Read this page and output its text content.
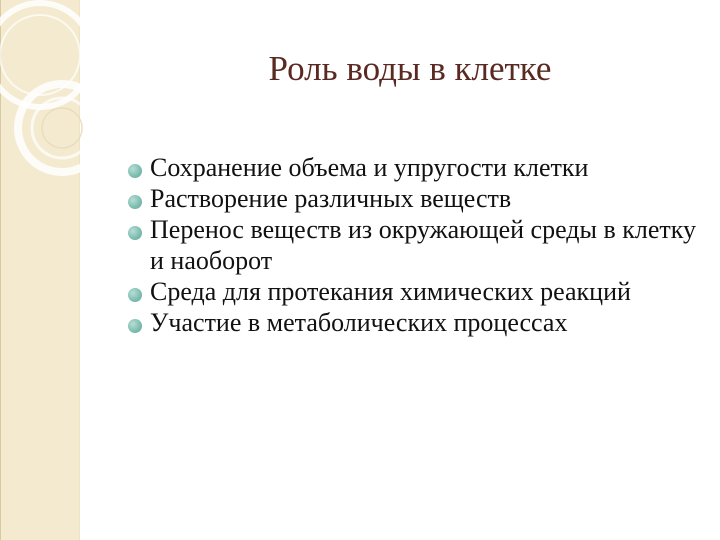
Роль воды в клетке
Сохранение объема и упругости клетки
Растворение различных веществ
Перенос веществ из окружающей среды в клетку и наоборот
Среда для протекания химических реакций
Участие в метаболических процессах
